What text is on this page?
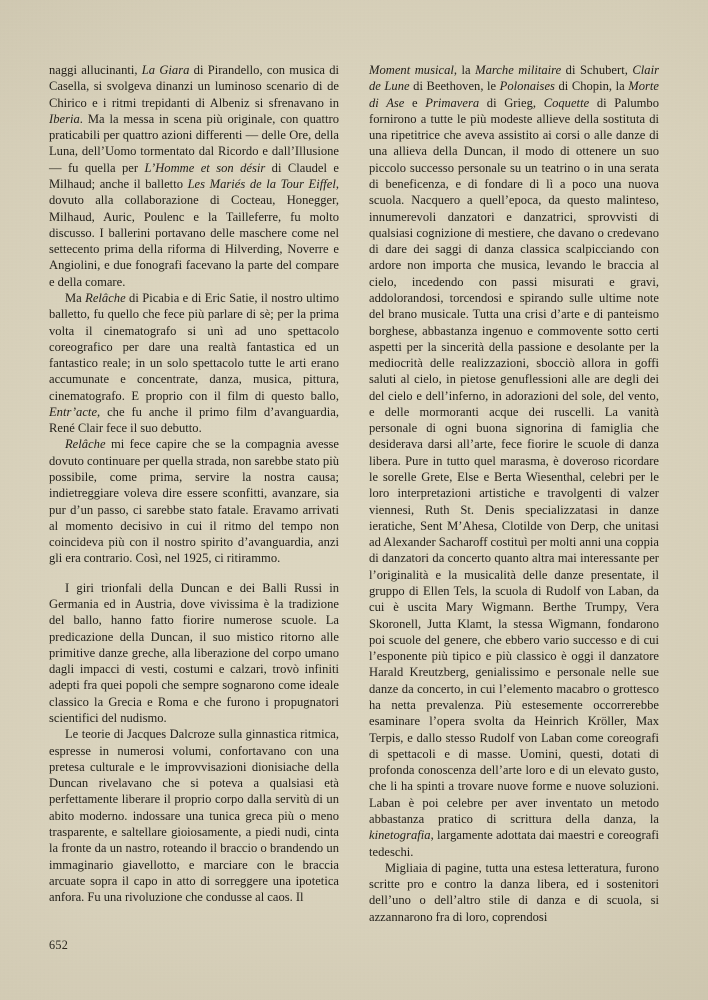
naggi allucinanti, La Giara di Pirandello, con musica di Casella, si svolgeva dinanzi un luminoso scenario di de Chirico e i ritmi trepidanti di Albeniz si sfrenavano in Iberia. Ma la messa in scena più originale, con quattro praticabili per quattro azioni differenti — delle Ore, della Luna, dell’Uomo tormentato dal Ricordo e dall’Illusione — fu quella per L’Homme et son désir di Claudel e Milhaud; anche il balletto Les Mariés de la Tour Eiffel, dovuto alla collaborazione di Cocteau, Honegger, Milhaud, Auric, Poulenc e la Tailleferre, fu molto discusso. I ballerini portavano delle maschere come nel settecento prima della riforma di Hilverding, Noverre e Angiolini, e due fonografi facevano la parte del compare e della comare.

Ma Relâche di Picabia e di Eric Satie, il nostro ultimo balletto, fu quello che fece più parlare di sè; per la prima volta il cinematografo si unì ad uno spettacolo coreografico per dare una realtà fantastica ed un fantastico reale; in un solo spettacolo tutte le arti erano accumunate e concentrate, danza, musica, pittura, cinematografo. E proprio con il film di questo ballo, Entr’acte, che fu anche il primo film d’avanguardia, René Clair fece il suo debutto.

Relâche mi fece capire che se la compagnia avesse dovuto continuare per quella strada, non sarebbe stato più possibile, come prima, servire la nostra causa; indietreggiare voleva dire essere sconfitti, avanzare, sia pur d’un passo, ci sarebbe stato fatale. Eravamo arrivati al momento decisivo in cui il ritmo del tempo non coincideva più con il nostro spirito d’avanguardia, anzi gli era contrario. Così, nel 1925, ci ritirammo.

I giri trionfali della Duncan e dei Balli Russi in Germania ed in Austria, dove vivissima è la tradizione del ballo, hanno fatto fiorire numerose scuole. La predicazione della Duncan, il suo mistico ritorno alle primitive danze greche, alla liberazione del corpo umano dagli impacci di vesti, costumi e calzari, trovò infiniti adepti fra quei popoli che sempre sognarono come ideale classico la Grecia e Roma e che furono i propugnatori scientifici del nudismo.

Le teorie di Jacques Dalcroze sulla ginnastica ritmica, espresse in numerosi volumi, confortavano con una pretesa culturale e le improvvisazioni dionisiache della Duncan rivelavano che si poteva a qualsiasi età perfettamente liberare il proprio corpo dalla servitù di un abito moderno. indossare una tunica greca più o meno trasparente, e saltellare gioiosamente, a piedi nudi, cinta la fronte da un nastro, roteando il braccio o brandendo un immaginario giavellotto, e marciare con le braccia arcuate sopra il capo in atto di sorreggere una ipotetica anfora. Fu una rivoluzione che condusse al caos. Il

Moment musical, la Marche militaire di Schubert, Clair de Lune di Beethoven, le Polonaises di Chopin, la Morte di Ase e Primavera di Grieg, Coquette di Palumbo fornirono a tutte le più modeste allieve della sostituta di una ripetitrice che aveva assistito ai corsi o alle danze di una allieva della Duncan, il modo di ottenere un suo piccolo successo personale su un teatrino o in una serata di beneficenza, e di fondare di lì a poco una nuova scuola. Nacquero a quell’epoca, da questo malinteso, innumerevoli danzatori e danzatrici, sprovvisti di qualsiasi cognizione di mestiere, che davano o credevano di dare dei saggi di danza classica scalpicciando con ardore non importa che musica, levando le braccia al cielo, incedendo con passi misurati e gravi, addolorandosi, torcendosi e spirando sulle ultime note del brano musicale. Tutta una crisi d’arte e di panteismo borghese, abbastanza ingenuo e commovente sotto certi aspetti per la sincerità della passione e desolante per la mediocrità delle realizzazioni, sbocciò allora in goffi saluti al cielo, in pietose genuflessioni alle are degli dei del cielo e dell’inferno, in adorazioni del sole, del vento, e delle mormoranti acque dei ruscelli. La vanità personale di ogni buona signorina di famiglia che desiderava darsi all’arte, fece fiorire le scuole di danza libera. Pure in tutto quel marasma, è doveroso ricordare le sorelle Grete, Else e Berta Wiesenthal, celebri per le loro interpretazioni artistiche e travolgenti di valzer viennesi, Ruth St. Denis specializzatasi in danze ieratiche, Sent M’Ahesa, Clotilde von Derp, che unitasi ad Alexander Sacharoff costituì per molti anni una coppia di danzatori da concerto quanto altra mai interessante per l’originalità e la musicalità delle danze presentate, il gruppo di Ellen Tels, la scuola di Rudolf von Laban, da cui è uscita Mary Wigmann. Berthe Trumpy, Vera Skoronell, Jutta Klamt, la stessa Wigmann, fondarono poi scuole del genere, che ebbero vario successo e di cui l’esponente più tipico e più classico è oggi il danzatore Harald Kreutzberg, genialissimo e personale nelle sue danze da concerto, in cui l’elemento macabro o grottesco ha netta prevalenza. Più estesemente occorrerebbe esaminare l’opera svolta da Heinrich Kröller, Max Terpis, e dallo stesso Rudolf von Laban come coreografi di spettacoli e di masse. Uomini, questi, dotati di profonda conoscenza dell’arte loro e di un elevato gusto, che li ha spinti a trovare nuove forme e nuove soluzioni. Laban è poi celebre per aver inventato un metodo abbastanza pratico di scrittura della danza, la kinetografia, largamente adottata dai maestri e coreografi tedeschi.

Migliaia di pagine, tutta una estesa letteratura, furono scritte pro e contro la danza libera, ed i sostenitori dell’uno o dell’altro stile di danza e di scuola, si azzannarono fra di loro, coprendosi

652
